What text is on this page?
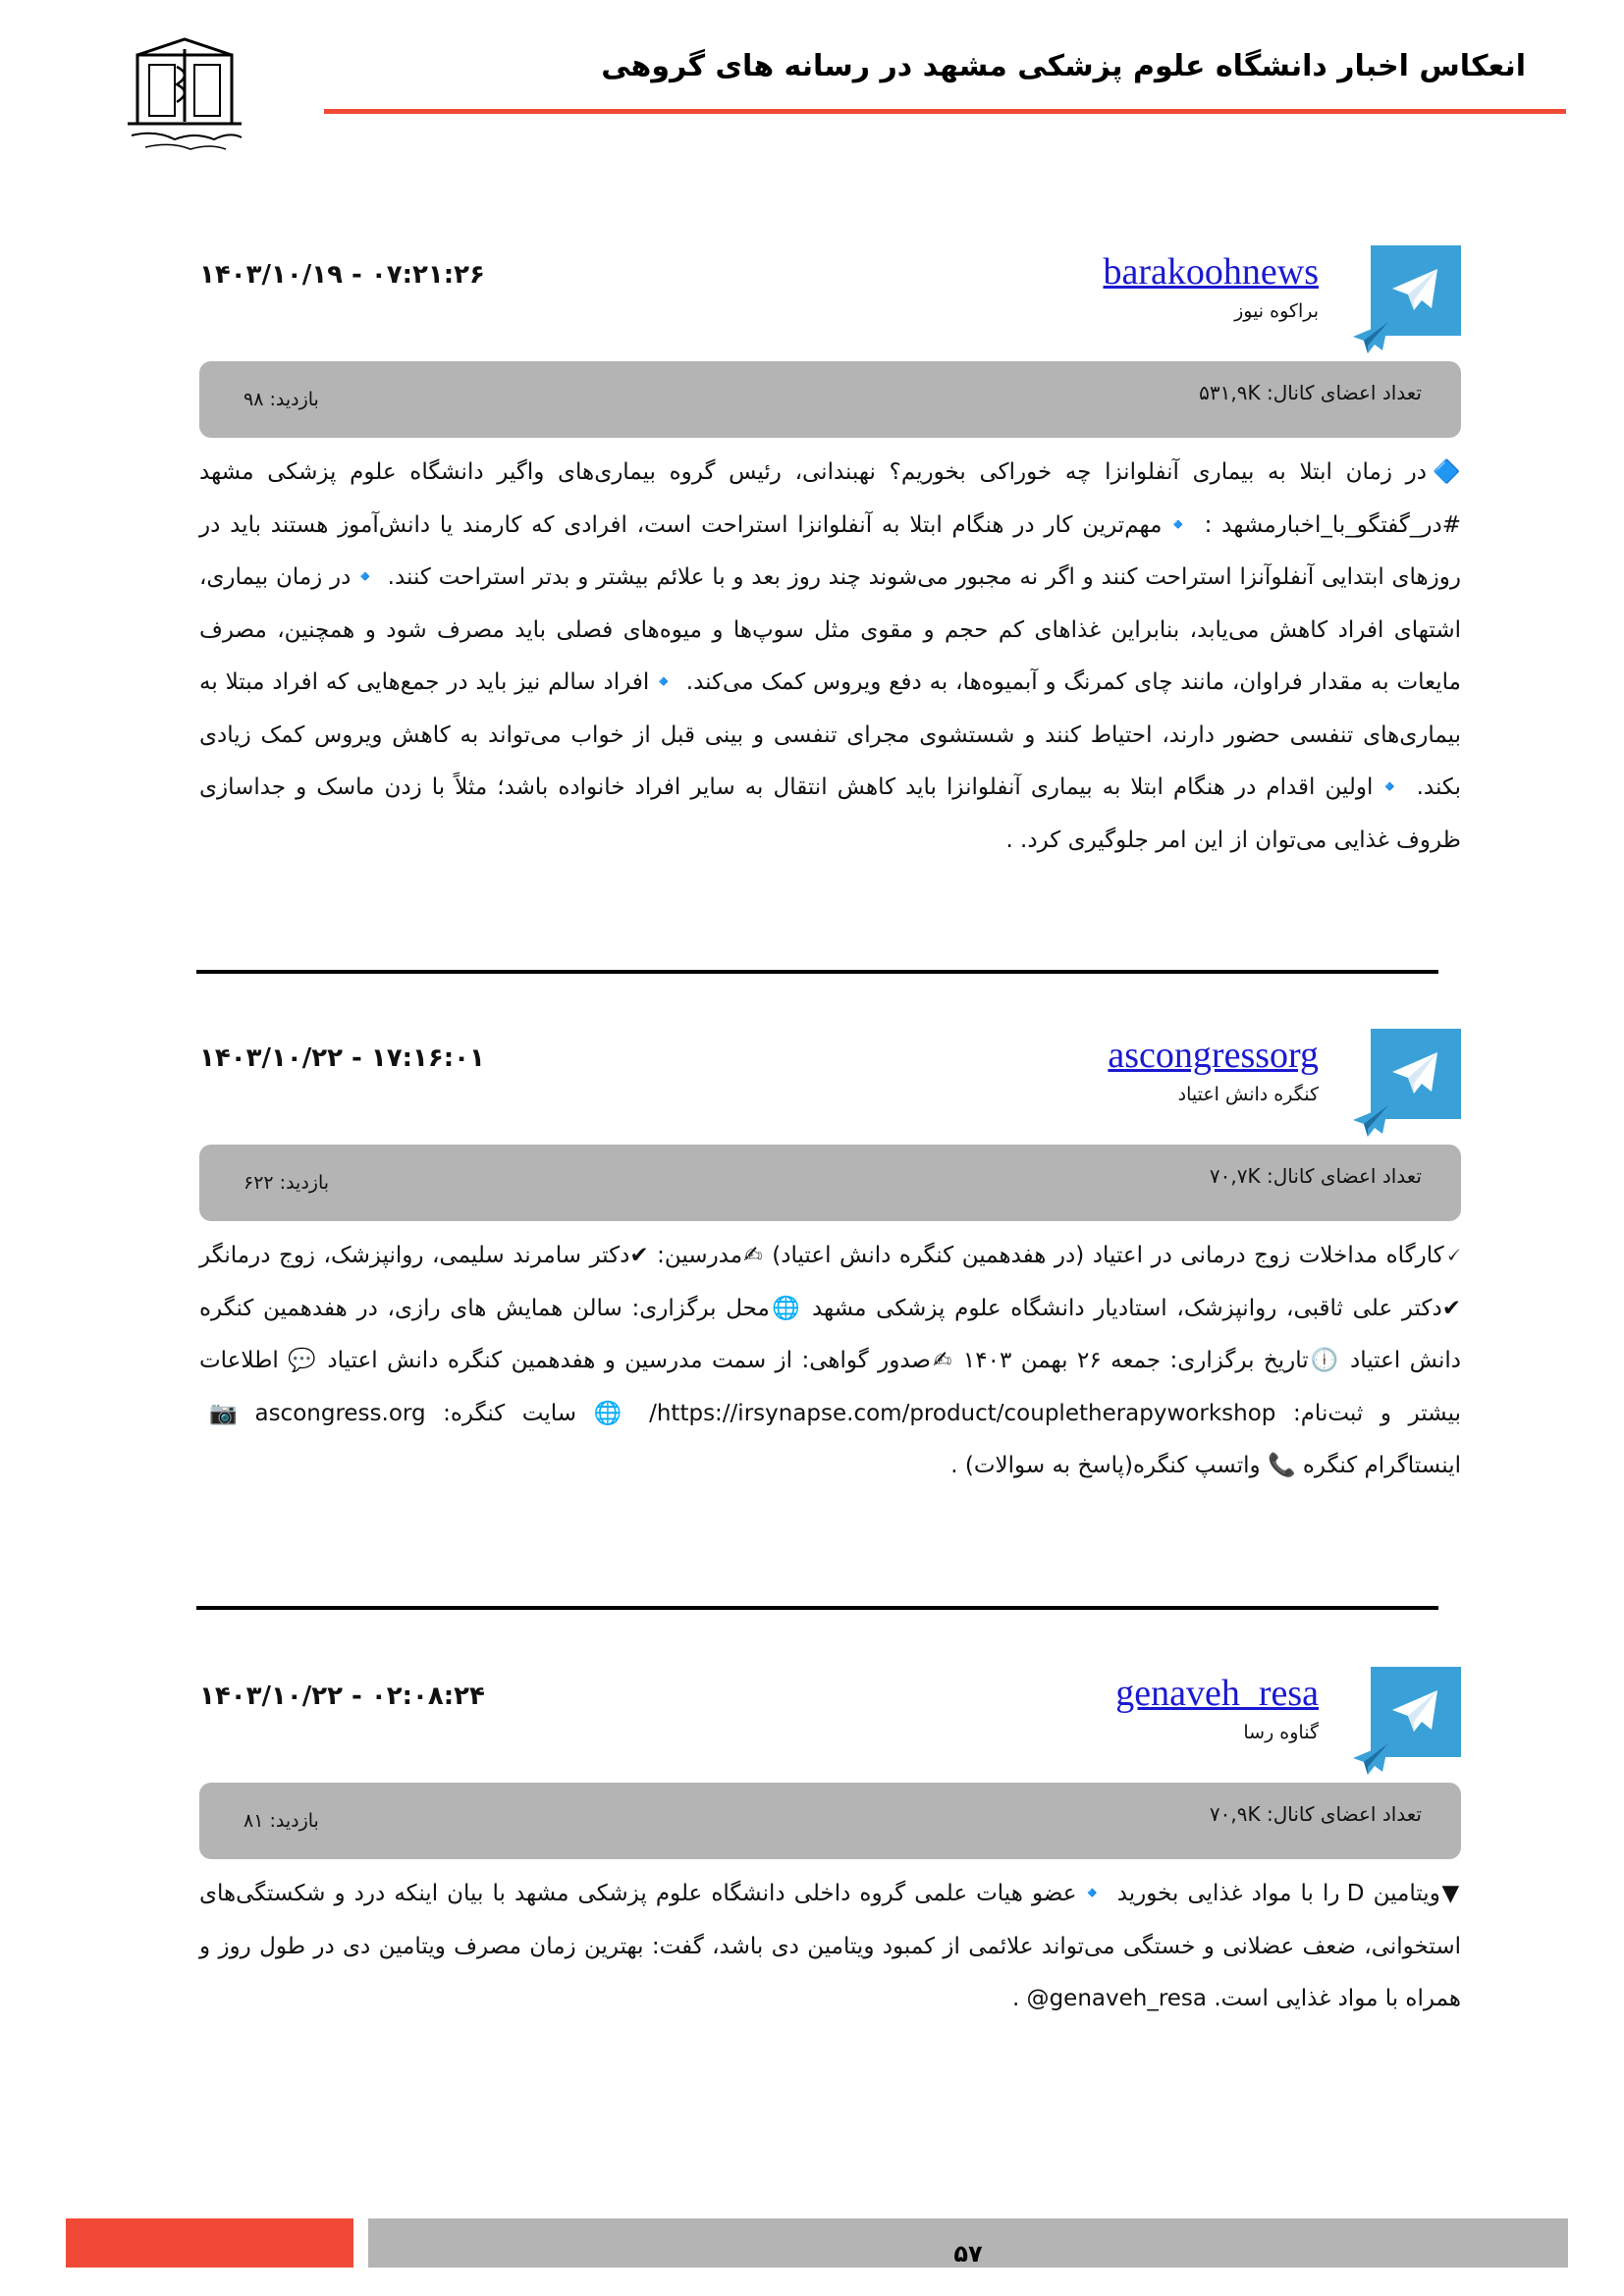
انعکاس اخبار دانشگاه علوم پزشکی مشهد در رسانه های گروهی
barakoohnews
براکوه نیوز
۱۴۰۳/۱۰/۱۹ - ۰۷:۲۱:۲۶
تعداد اعضای کانال: ۵۳۱,۹K
بازدید: ۹۸
🔷در زمان ابتلا به بیماری آنفلوانزا چه خوراکی بخوریم؟ نهبندانی، رئیس گروه بیماری‌های واگیر دانشگاه علوم پزشکی مشهد #در_گفتگو_با_اخبارمشهد : 🔹مهم‌ترین کار در هنگام ابتلا به آنفلوانزا استراحت است، افرادی که کارمند یا دانش‌آموز هستند باید در روزهای ابتدایی آنفلوآنزا استراحت کنند و اگر نه مجبور می‌شوند چند روز بعد و با علائم بیشتر و بدتر استراحت کنند. 🔹در زمان بیماری، اشتهای افراد کاهش می‌یابد، بنابراین غذاهای کم حجم و مقوی مثل سوپ‌ها و میوه‌های فصلی باید مصرف شود و همچنین، مصرف مایعات به مقدار فراوان، مانند چای کمرنگ و آبمیوه‌ها، به دفع ویروس کمک می‌کند. 🔹افراد سالم نیز باید در جمع‌هایی که افراد مبتلا به بیماری‌های تنفسی حضور دارند، احتیاط کنند و شستشوی مجرای تنفسی و بینی قبل از خواب می‌تواند به کاهش ویروس کمک زیادی بکند. 🔹اولین اقدام در هنگام ابتلا به بیماری آنفلوانزا باید کاهش انتقال به سایر افراد خانواده باشد؛ مثلاً با زدن ماسک و جداسازی ظروف غذایی می‌توان از این امر جلوگیری کرد. .
ascongressorg
کنگره دانش اعتیاد
۱۴۰۳/۱۰/۲۲ - ۱۷:۱۶:۰۱
تعداد اعضای کانال: ۷۰,۷K
بازدید: ۶۲۲
🗸کارگاه مداخلات زوج درمانی در اعتیاد (در هفدهمین کنگره دانش اعتیاد) ✍مدرسین: ✔دکتر سامرند سلیمی، روانپزشک، زوج درمانگر ✔دکتر علی ثاقبی، روانپزشک، استادیار دانشگاه علوم پزشکی مشهد 🌐محل برگزاری: سالن همایش های رازی، در هفدهمین کنگره دانش اعتیاد 🕕تاریخ برگزاری: جمعه ۲۶ بهمن ۱۴۰۳ ✍صدور گواهی: از سمت مدرسین و هفدهمین کنگره دانش اعتیاد 💬 اطلاعات بیشتر و ثبت‌نام: https://irsynapse.com/product/coupletherapyworkshop/ 🌐 سایت کنگره: ascongress.org 📷 اینستاگرام کنگره 📞 واتسپ کنگره(پاسخ به سوالات) .
genaveh_resa
گناوه رسا
۱۴۰۳/۱۰/۲۲ - ۰۲:۰۸:۲۴
تعداد اعضای کانال: ۷۰,۹K
بازدید: ۸۱
▼ویتامین D را با مواد غذایی بخورید 🔹عضو هیات علمی گروه داخلی دانشگاه علوم پزشکی مشهد با بیان اینکه درد و شکستگی‌های استخوانی، ضعف عضلانی و خستگی می‌تواند علائمی از کمبود ویتامین دی باشد، گفت: بهترین زمان مصرف ویتامین دی در طول روز و همراه با مواد غذایی است. genaveh_resa@ .
۵۷
